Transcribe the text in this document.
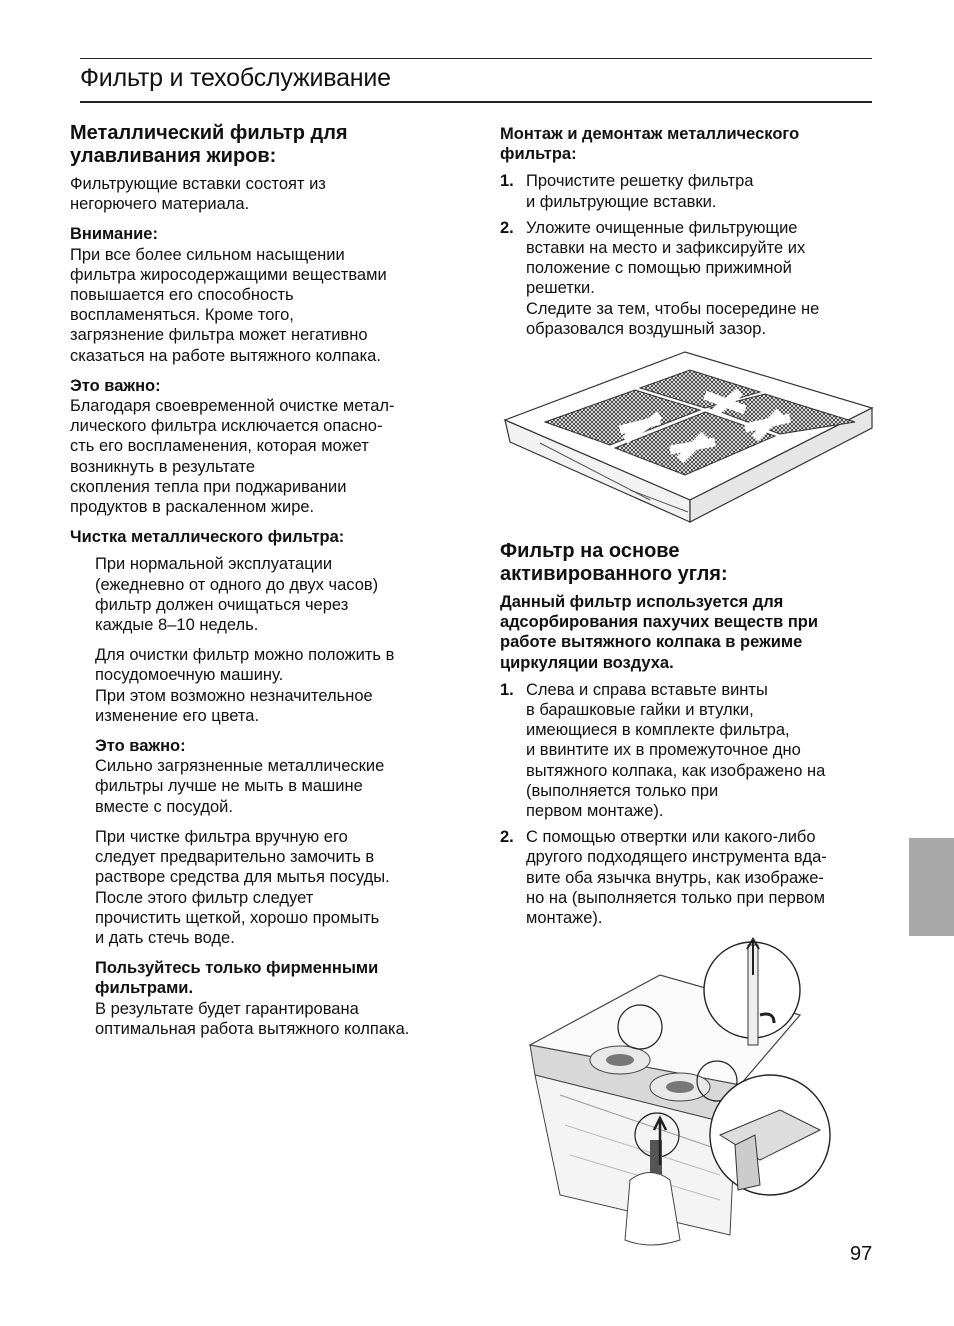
Фильтр и техобслуживание
Металлический фильтр для
улавливания жиров:
Фильтрующие вставки состоят из
негорючего материала.
Внимание:
При все более сильном насыщении
фильтра жиросодержащими веществами
повышается его способность
воспламеняться. Кроме того,
загрязнение фильтра может негативно
сказаться на работе вытяжного колпака.
Это важно:
Благодаря своевременной очистке метал-
лического фильтра исключается опасно-
сть его воспламенения, которая может
возникнуть в результате
скопления тепла при поджаривании
продуктов в раскаленном жире.
Чистка металлического фильтра:
При нормальной эксплуатации
(ежедневно от одного до двух часов)
фильтр должен очищаться через
каждые 8–10 недель.
Для очистки фильтр можно положить в
посудомоечную машину.
При этом возможно незначительное
изменение его цвета.
Это важно:
Сильно загрязненные металлические
фильтры лучше не мыть в машине
вместе с посудой.
При чистке фильтра вручную его
следует предварительно замочить в
растворе средства для мытья посуды.
После этого фильтр следует
прочистить щеткой, хорошо промыть
и дать стечь воде.
Пользуйтесь только фирменными
фильтрами.
В результате будет гарантирована
оптимальная работа вытяжного колпака.
Монтаж и демонтаж металлического
фильтра:
1. Прочистите решетку фильтра
и фильтрующие вставки.
2. Уложите очищенные фильтрующие
вставки на место и зафиксируйте их
положение с помощью прижимной
решетки.
Следите за тем, чтобы посередине не
образовался воздушный зазор.
Фильтр на основе
активированного угля:
Данный фильтр используется для
адсорбирования пахучих веществ при
работе вытяжного колпака в режиме
циркуляции воздуха.
1. Слева и справа вставьте винты
в барашковые гайки и втулки,
имеющиеся в комплекте фильтра,
и ввинтите их в промежуточное дно
вытяжного колпака, как изображено на
(выполняется только при
первом монтаже).
2. С помощью отвертки или какого-либо
другого подходящего инструмента вда-
вите оба язычка внутрь, как изображе-
но на (выполняется только при первом
монтаже).
97
